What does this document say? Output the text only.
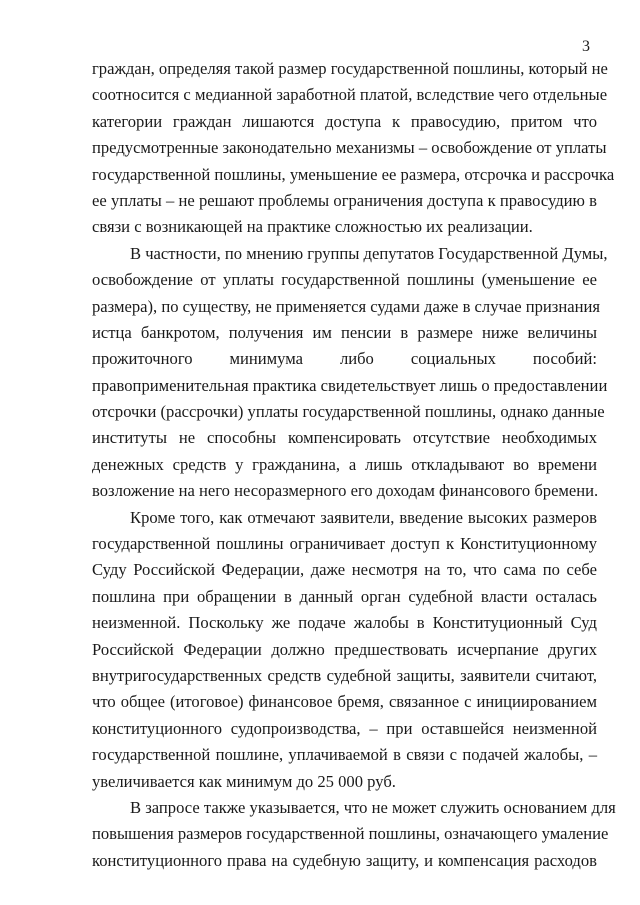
3
граждан, определяя такой размер государственной пошлины, который не
соотносится с медианной заработной платой, вследствие чего отдельные
категории граждан лишаются доступа к правосудию, притом что
предусмотренные законодательно механизмы – освобождение от уплаты
государственной пошлины, уменьшение ее размера, отсрочка и рассрочка
ее уплаты – не решают проблемы ограничения доступа к правосудию в
связи с возникающей на практике сложностью их реализации.
В частности, по мнению группы депутатов Государственной Думы,
освобождение от уплаты государственной пошлины (уменьшение ее
размера), по существу, не применяется судами даже в случае признания
истца банкротом, получения им пенсии в размере ниже величины
прожиточного минимума либо социальных пособий:
правоприменительная практика свидетельствует лишь о предоставлении
отсрочки (рассрочки) уплаты государственной пошлины, однако данные
институты не способны компенсировать отсутствие необходимых
денежных средств у гражданина, а лишь откладывают во времени
возложение на него несоразмерного его доходам финансового бремени.
Кроме того, как отмечают заявители, введение высоких размеров
государственной пошлины ограничивает доступ к Конституционному
Суду Российской Федерации, даже несмотря на то, что сама по себе
пошлина при обращении в данный орган судебной власти осталась
неизменной. Поскольку же подаче жалобы в Конституционный Суд
Российской Федерации должно предшествовать исчерпание других
внутригосударственных средств судебной защиты, заявители считают,
что общее (итоговое) финансовое бремя, связанное с инициированием
конституционного судопроизводства, – при оставшейся неизменной
государственной пошлине, уплачиваемой в связи с подачей жалобы, –
увеличивается как минимум до 25 000 руб.
В запросе также указывается, что не может служить основанием для
повышения размеров государственной пошлины, означающего умаление
конституционного права на судебную защиту, и компенсация расходов
